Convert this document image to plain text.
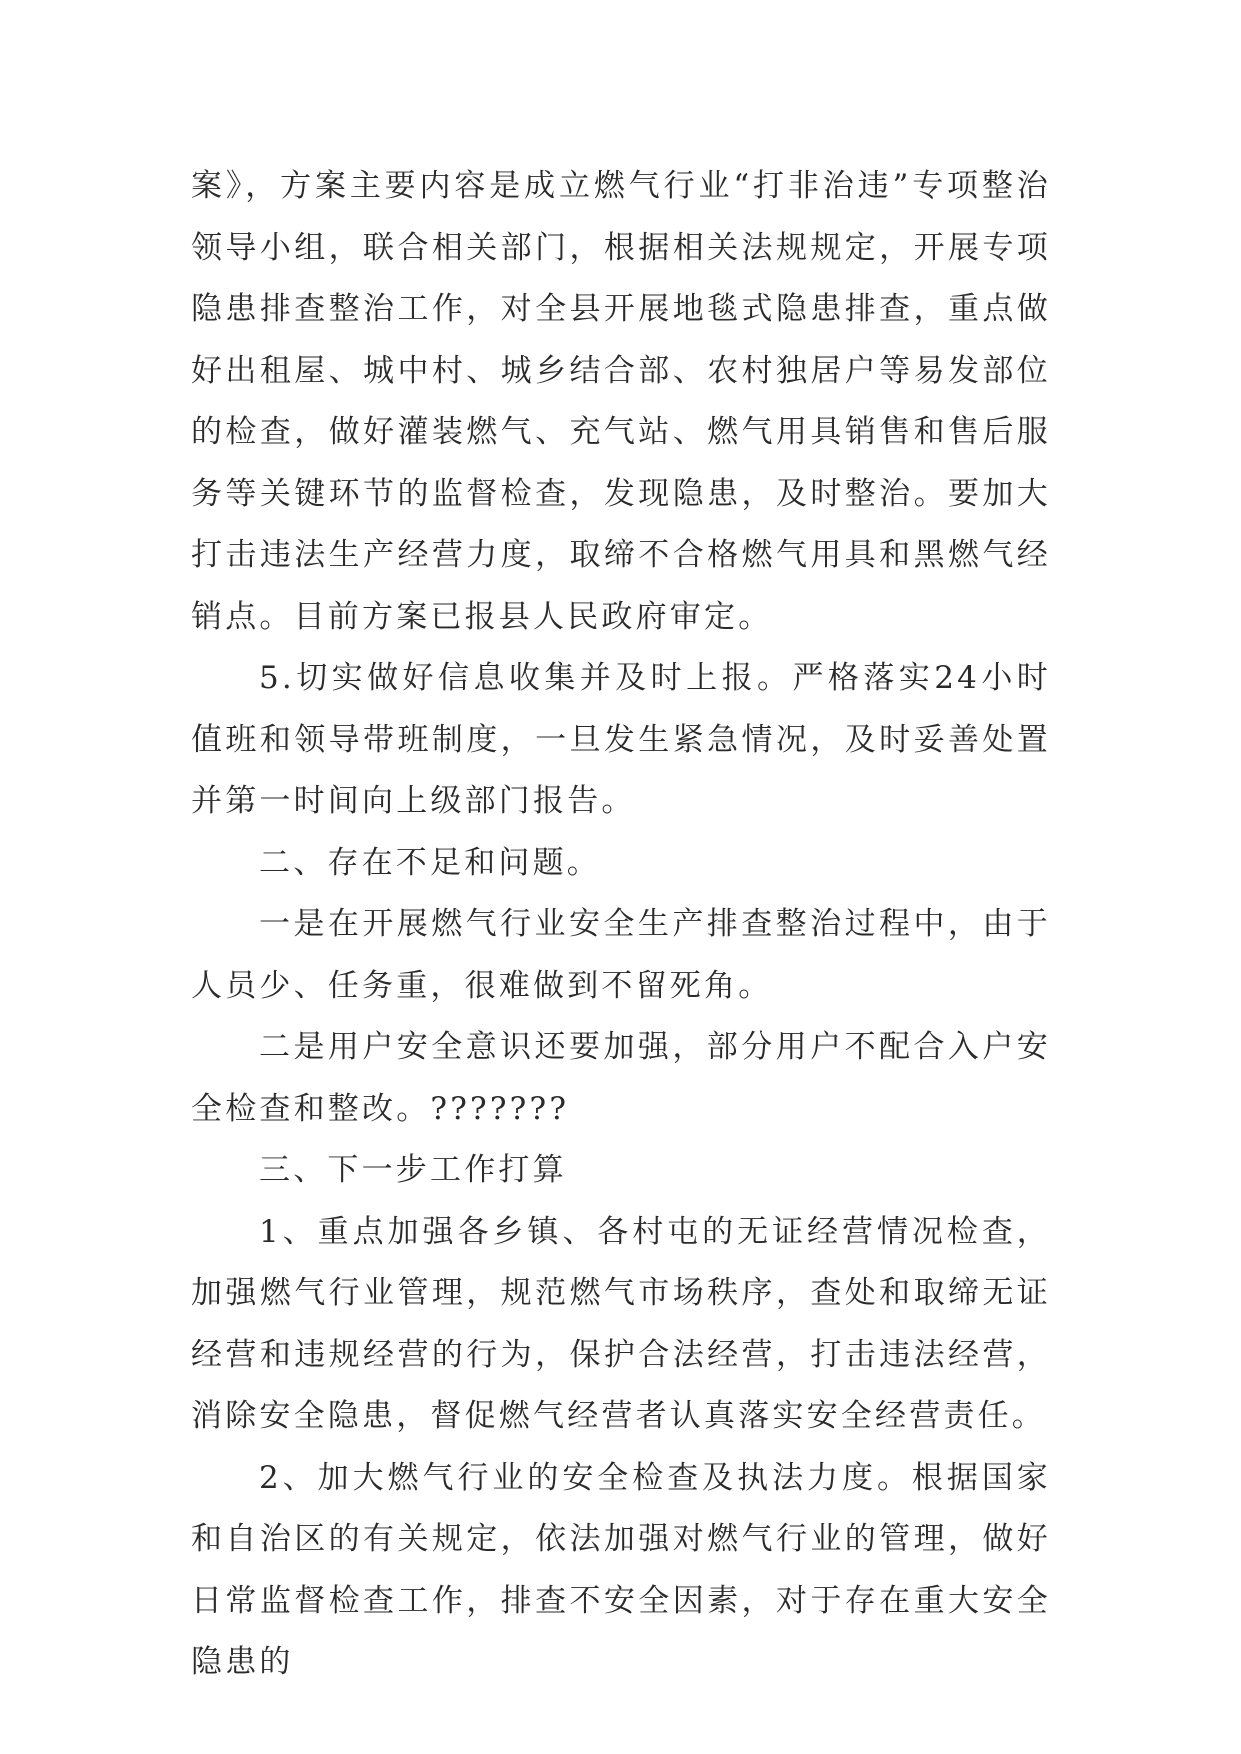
案》，方案主要内容是成立燃气行业“打非治违”专项整治领导小组，联合相关部门，根据相关法规规定，开展专项隐患排查整治工作，对全县开展地毯式隐患排查，重点做好出租屋、城中村、城乡结合部、农村独居户等易发部位的检查，做好灌装燃气、充气站、燃气用具销售和售后服务等关键环节的监督检查，发现隐患，及时整治。要加大打击违法生产经营力度，取缔不合格燃气用具和黑燃气经销点。目前方案已报县人民政府审定。

5.切实做好信息收集并及时上报。严格落实24小时值班和领导带班制度，一旦发生紧急情况，及时妥善处置并第一时间向上级部门报告。

二、存在不足和问题。

一是在开展燃气行业安全生产排查整治过程中，由于人员少、任务重，很难做到不留死角。

二是用户安全意识还要加强，部分用户不配合入户安全检查和整改。???????

三、下一步工作打算

1、重点加强各乡镇、各村屯的无证经营情况检查，加强燃气行业管理，规范燃气市场秩序，查处和取缔无证经营和违规经营的行为，保护合法经营，打击违法经营，消除安全隐患，督促燃气经营者认真落实安全经营责任。

2、加大燃气行业的安全检查及执法力度。根据国家和自治区的有关规定，依法加强对燃气行业的管理，做好日常监督检查工作，排查不安全因素，对于存在重大安全隐患的
